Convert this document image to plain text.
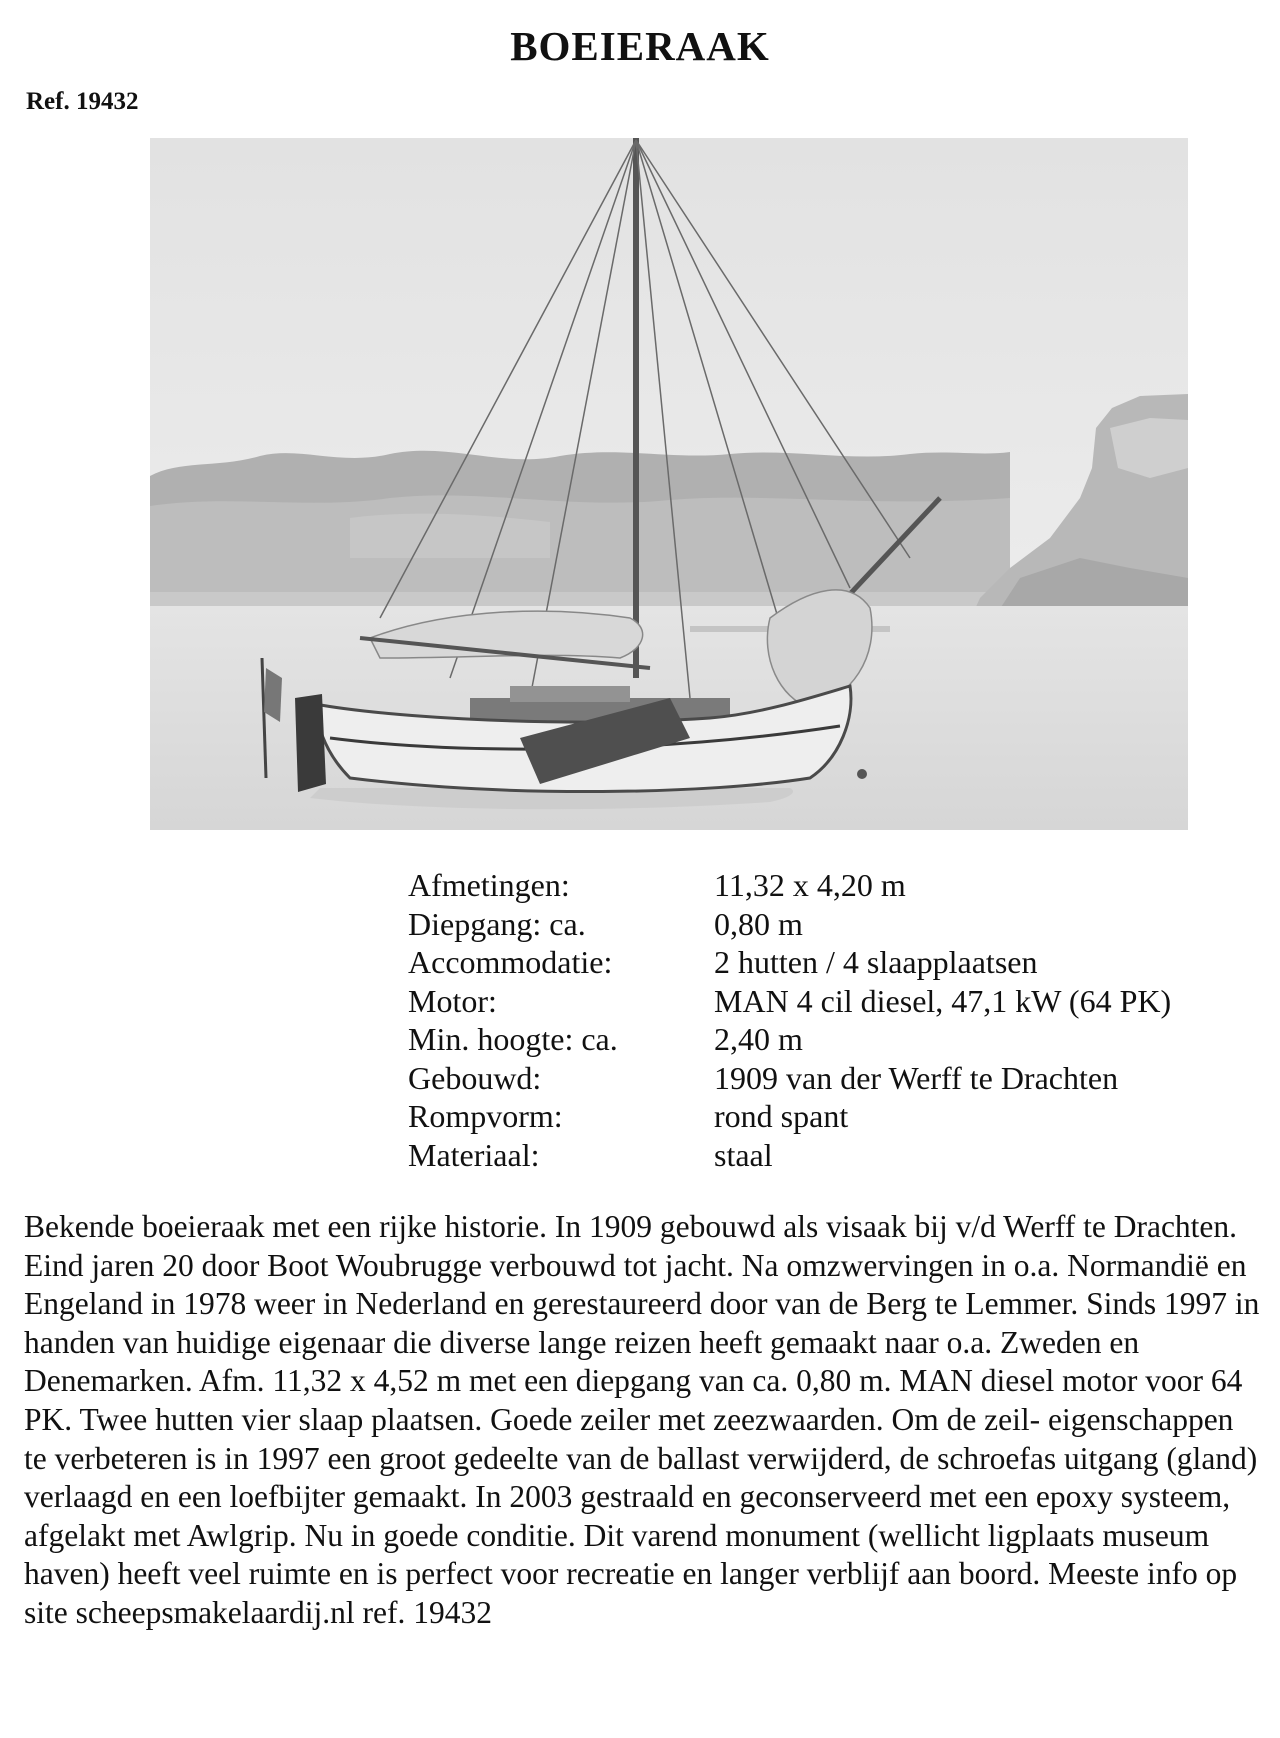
BOEIERAAK
Ref. 19432
Afmetingen:	11,32 x 4,20 m
Diepgang: ca.	0,80 m
Accommodatie:	2 hutten / 4 slaapplaatsen
Motor:	MAN 4 cil diesel, 47,1 kW (64 PK)
Min. hoogte: ca.	2,40 m
Gebouwd:	1909 van der Werff te Drachten
Rompvorm:	rond spant
Materiaal:	staal

Bekende boeieraak met een rijke historie. In 1909 gebouwd als visaak bij v/d Werff te Drachten. Eind jaren 20 door Boot Woubrugge verbouwd tot jacht. Na omzwervingen in o.a. Normandië en Engeland in 1978 weer in Nederland en gerestaureerd door van de Berg te Lemmer. Sinds 1997 in handen van huidige eigenaar die diverse lange reizen heeft gemaakt naar o.a. Zweden en Denemarken. Afm. 11,32 x 4,52 m met een diepgang van ca. 0,80 m. MAN diesel motor voor 64 PK. Twee hutten vier slaap plaatsen. Goede zeiler met zeezwaarden. Om de zeil- eigenschappen te verbeteren is in 1997 een groot gedeelte van de ballast verwijderd, de schroefas uitgang (gland) verlaagd en een loefbijter gemaakt. In 2003 gestraald en geconserveerd met een epoxy systeem, afgelakt met Awlgrip. Nu in goede conditie. Dit varend monument (wellicht ligplaats museum haven) heeft veel ruimte en is perfect voor recreatie en langer verblijf aan boord. Meeste info op site scheepsmakelaardij.nl ref. 19432
